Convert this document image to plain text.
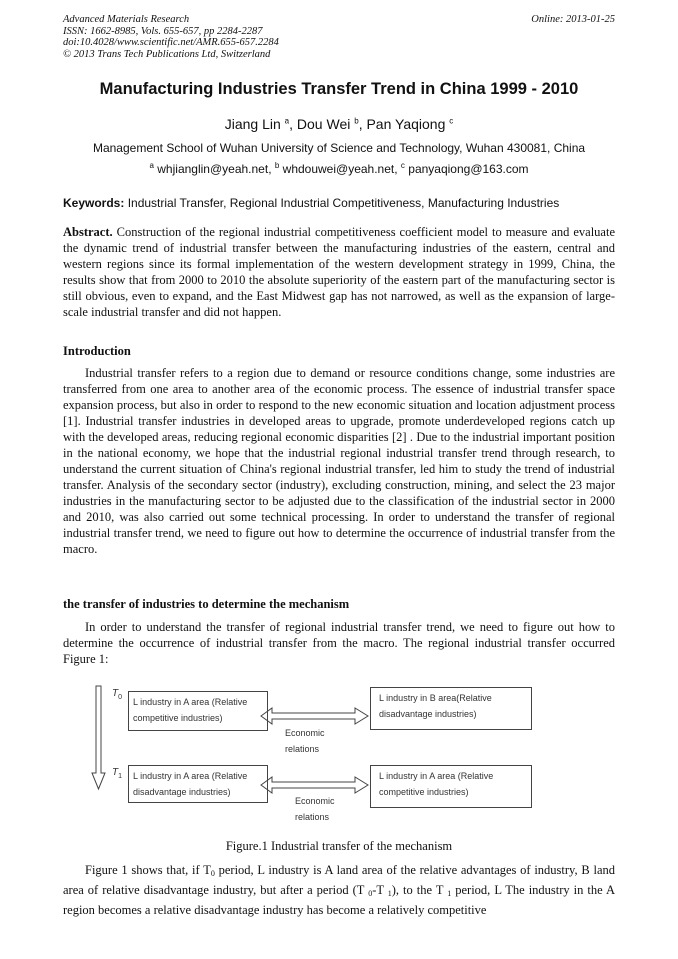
Advanced Materials Research
ISSN: 1662-8985, Vols. 655-657, pp 2284-2287
doi:10.4028/www.scientific.net/AMR.655-657.2284
© 2013 Trans Tech Publications Ltd, Switzerland
Online: 2013-01-25
Manufacturing Industries Transfer Trend in China 1999 - 2010
Jiang Lin $^a$, Dou Wei $^b$, Pan Yaqiong $^c$
Management School of Wuhan University of Science and Technology, Wuhan 430081, China
$^a$ whjianglin@yeah.net, $^b$ whdouwei@yeah.net, $^c$ panyaqiong@163.com
Keywords: Industrial Transfer, Regional Industrial Competitiveness, Manufacturing Industries

Abstract. Construction of the regional industrial competitiveness coefficient model to measure and evaluate the dynamic trend of industrial transfer between the manufacturing industries of the eastern, central and western regions since its formal implementation of the western development strategy in 1999, China, the results show that from 2000 to 2010 the absolute superiority of the eastern part of the manufacturing sector is still obvious, even to expand, and the East Midwest gap has not narrowed, as well as the expansion of large-scale industrial transfer and did not happen.

Introduction

Industrial transfer refers to a region due to demand or resource conditions change, some industries are transferred from one area to another area of the economic process. The essence of industrial transfer space expansion process, but also in order to respond to the new economic situation and location adjustment process [1]. Industrial transfer industries in developed areas to upgrade, promote underdeveloped regions catch up with the developed areas, reducing regional economic disparities [2] . Due to the industrial important position in the national economy, we hope that the industrial regional industrial transfer trend through research, to understand the current situation of China's regional industrial transfer, led him to study the trend of industrial transfer. Analysis of the secondary sector (industry), excluding construction, mining, and select the 23 major industries in the manufacturing sector to be adjusted due to the classification of the industrial sector in 2000 and 2010, was also carried out some technical processing. In order to understand the transfer of regional industrial transfer trend, we need to figure out how to determine the occurrence of industrial transfer from the macro.

the transfer of industries to determine the mechanism

In order to understand the transfer of regional industrial transfer trend, we need to figure out how to determine the occurrence of industrial transfer from the macro. The regional industrial transfer occurred Figure 1:

$T_0$
$T_1$
L industry in A area (Relative competitive industries)
L industry in B area(Relative disadvantage industries)
L industry in A area (Relative disadvantage industries)
L industry in A area (Relative competitive industries)
Economic relations
Economic relations
Figure.1 Industrial transfer of the mechanism

Figure 1 shows that, if T0 period, L industry is A land area of the relative advantages of industry, B land area of relative disadvantage industry, but after a period (T 0-T 1), to the T 1 period, L The industry in the A region becomes a relative disadvantage industry has become a relatively competitive
